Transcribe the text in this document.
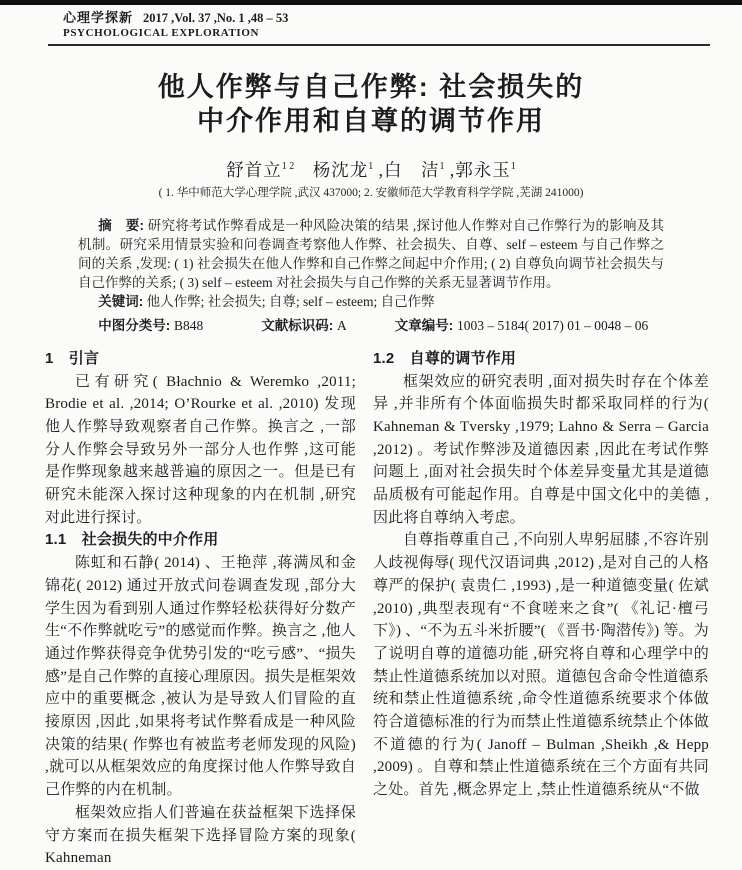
心理学探新 2017 ,Vol. 37 ,No. 1 ,48 – 53
PSYCHOLOGICAL EXPLORATION
他人作弊与自己作弊: 社会损失的
中介作用和自尊的调节作用
舒首立$^{1 2}$　 杨沈龙$^1$ ,白　洁$^1$ ,郭永玉$^1$
( 1. 华中师范大学心理学院 ,武汉 437000; 2. 安徽师范大学教育科学学院 ,芜湖 241000)
摘　要: 研究将考试作弊看成是一种风险决策的结果 ,探讨他人作弊对自己作弊行为的影响及其机制。研究采用情景实验和问卷调查考察他人作弊、社会损失、自尊、self – esteem 与自己作弊之间的关系 ,发现: ( 1) 社会损失在他人作弊和自己作弊之间起中介作用; ( 2) 自尊负向调节社会损失与自己作弊的关系; ( 3) self – esteem 对社会损失与自己作弊的关系无显著调节作用。
关键词: 他人作弊; 社会损失; 自尊; self – esteem; 自己作弊
中图分类号: B848	文献标识码: A	文章编号: 1003 – 5184( 2017) 01 – 0048 – 06
1　引言
已有研究( Błachnio & Weremko ,2011; Brodie et al. ,2014; O’Rourke et al. ,2010) 发现他人作弊导致观察者自己作弊。换言之 ,一部分人作弊会导致另外一部分人也作弊 ,这可能是作弊现象越来越普遍的原因之一。但是已有研究未能深入探讨这种现象的内在机制 ,研究对此进行探讨。
1.1　社会损失的中介作用
陈虹和石静( 2014) 、王艳萍 ,蒋满凤和金锦花( 2012) 通过开放式问卷调查发现 ,部分大学生因为看到别人通过作弊轻松获得好分数产生“不作弊就吃亏”的感觉而作弊。换言之 ,他人通过作弊获得竞争优势引发的“吃亏感”、“损失感”是自己作弊的直接心理原因。损失是框架效应中的重要概念 ,被认为是导致人们冒险的直接原因 ,因此 ,如果将考试作弊看成是一种风险决策的结果( 作弊也有被监考老师发现的风险) ,就可以从框架效应的角度探讨他人作弊导致自己作弊的内在机制。
框架效应指人们普遍在获益框架下选择保守方案而在损失框架下选择冒险方案的现象( Kahneman
1.2　自尊的调节作用
框架效应的研究表明 ,面对损失时存在个体差异 ,并非所有个体面临损失时都采取同样的行为( Kahneman & Tversky ,1979; Lahno & Serra – Garcia ,2012) 。考试作弊涉及道德因素 ,因此在考试作弊问题上 ,面对社会损失时个体差异变量尤其是道德品质极有可能起作用。自尊是中国文化中的美德 ,因此将自尊纳入考虑。
自尊指尊重自己 ,不向别人卑躬屈膝 ,不容许别人歧视侮辱( 现代汉语词典 ,2012) ,是对自己的人格尊严的保护( 袁贵仁 ,1993) ,是一种道德变量( 佐斌 ,2010) ,典型表现有“不食嗟来之食”( 《礼记·檀弓下》) 、“不为五斗米折腰”( 《晋书·陶潜传》) 等。为了说明自尊的道德功能 ,研究将自尊和心理学中的禁止性道德系统加以对照。道德包含命令性道德系统和禁止性道德系统 ,命令性道德系统要求个体做符合道德标准的行为而禁止性道德系统禁止个体做不道德的行为( Janoff – Bulman ,Sheikh ,& Hepp ,2009) 。自尊和禁止性道德系统在三个方面有共同之处。首先 ,概念界定上 ,禁止性道德系统从“不做
